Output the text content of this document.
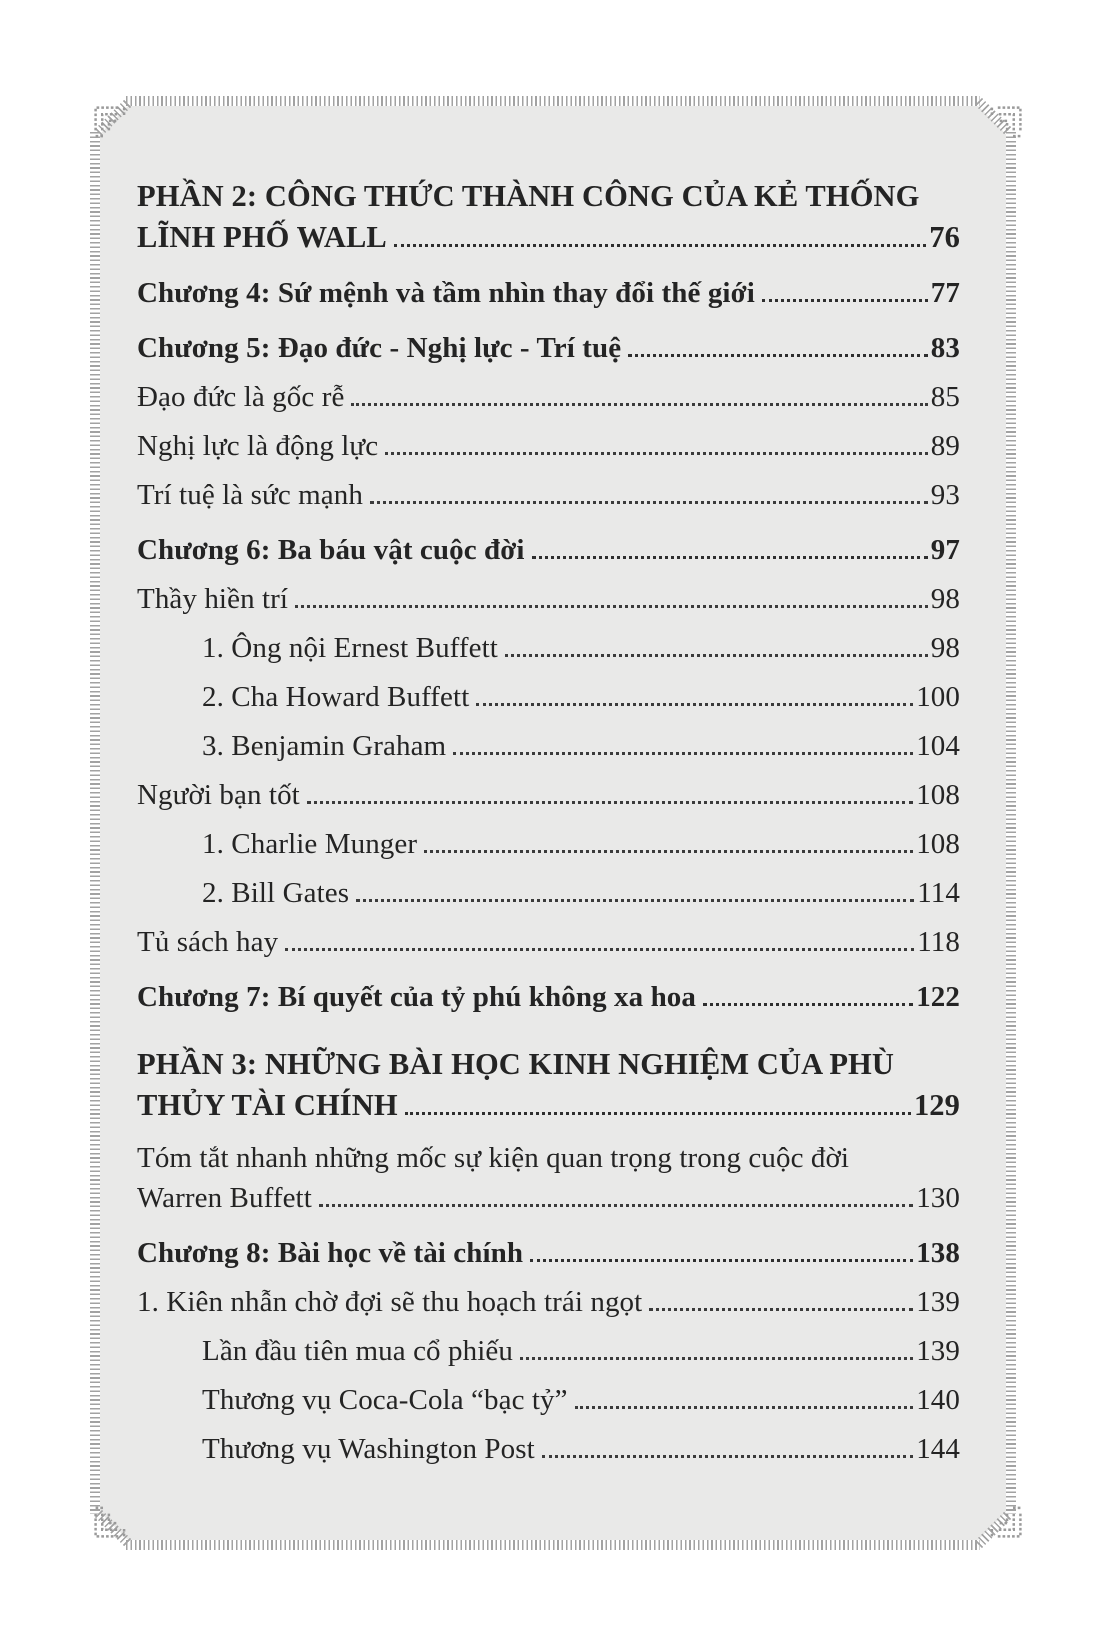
PHẦN 2: CÔNG THỨC THÀNH CÔNG CỦA KẺ THỐNG
LĨNH PHỐ WALL	76
Chương 4: Sứ mệnh và tầm nhìn thay đổi thế giới	77
Chương 5: Đạo đức - Nghị lực - Trí tuệ	83
Đạo đức là gốc rễ	85
Nghị lực là động lực	89
Trí tuệ là sức mạnh	93
Chương 6: Ba báu vật cuộc đời	97
Thầy hiền trí	98
1. Ông nội Ernest Buffett	98
2. Cha Howard Buffett	100
3. Benjamin Graham	104
Người bạn tốt	108
1. Charlie Munger	108
2. Bill Gates	114
Tủ sách hay	118
Chương 7: Bí quyết của tỷ phú không xa hoa	122
PHẦN 3: NHỮNG BÀI HỌC KINH NGHIỆM CỦA PHÙ
THỦY TÀI CHÍNH	129
Tóm tắt nhanh những mốc sự kiện quan trọng trong cuộc đời
Warren Buffett	130
Chương 8: Bài học về tài chính	138
1. Kiên nhẫn chờ đợi sẽ thu hoạch trái ngọt	139
Lần đầu tiên mua cổ phiếu	139
Thương vụ Coca-Cola “bạc tỷ”	140
Thương vụ Washington Post	144
